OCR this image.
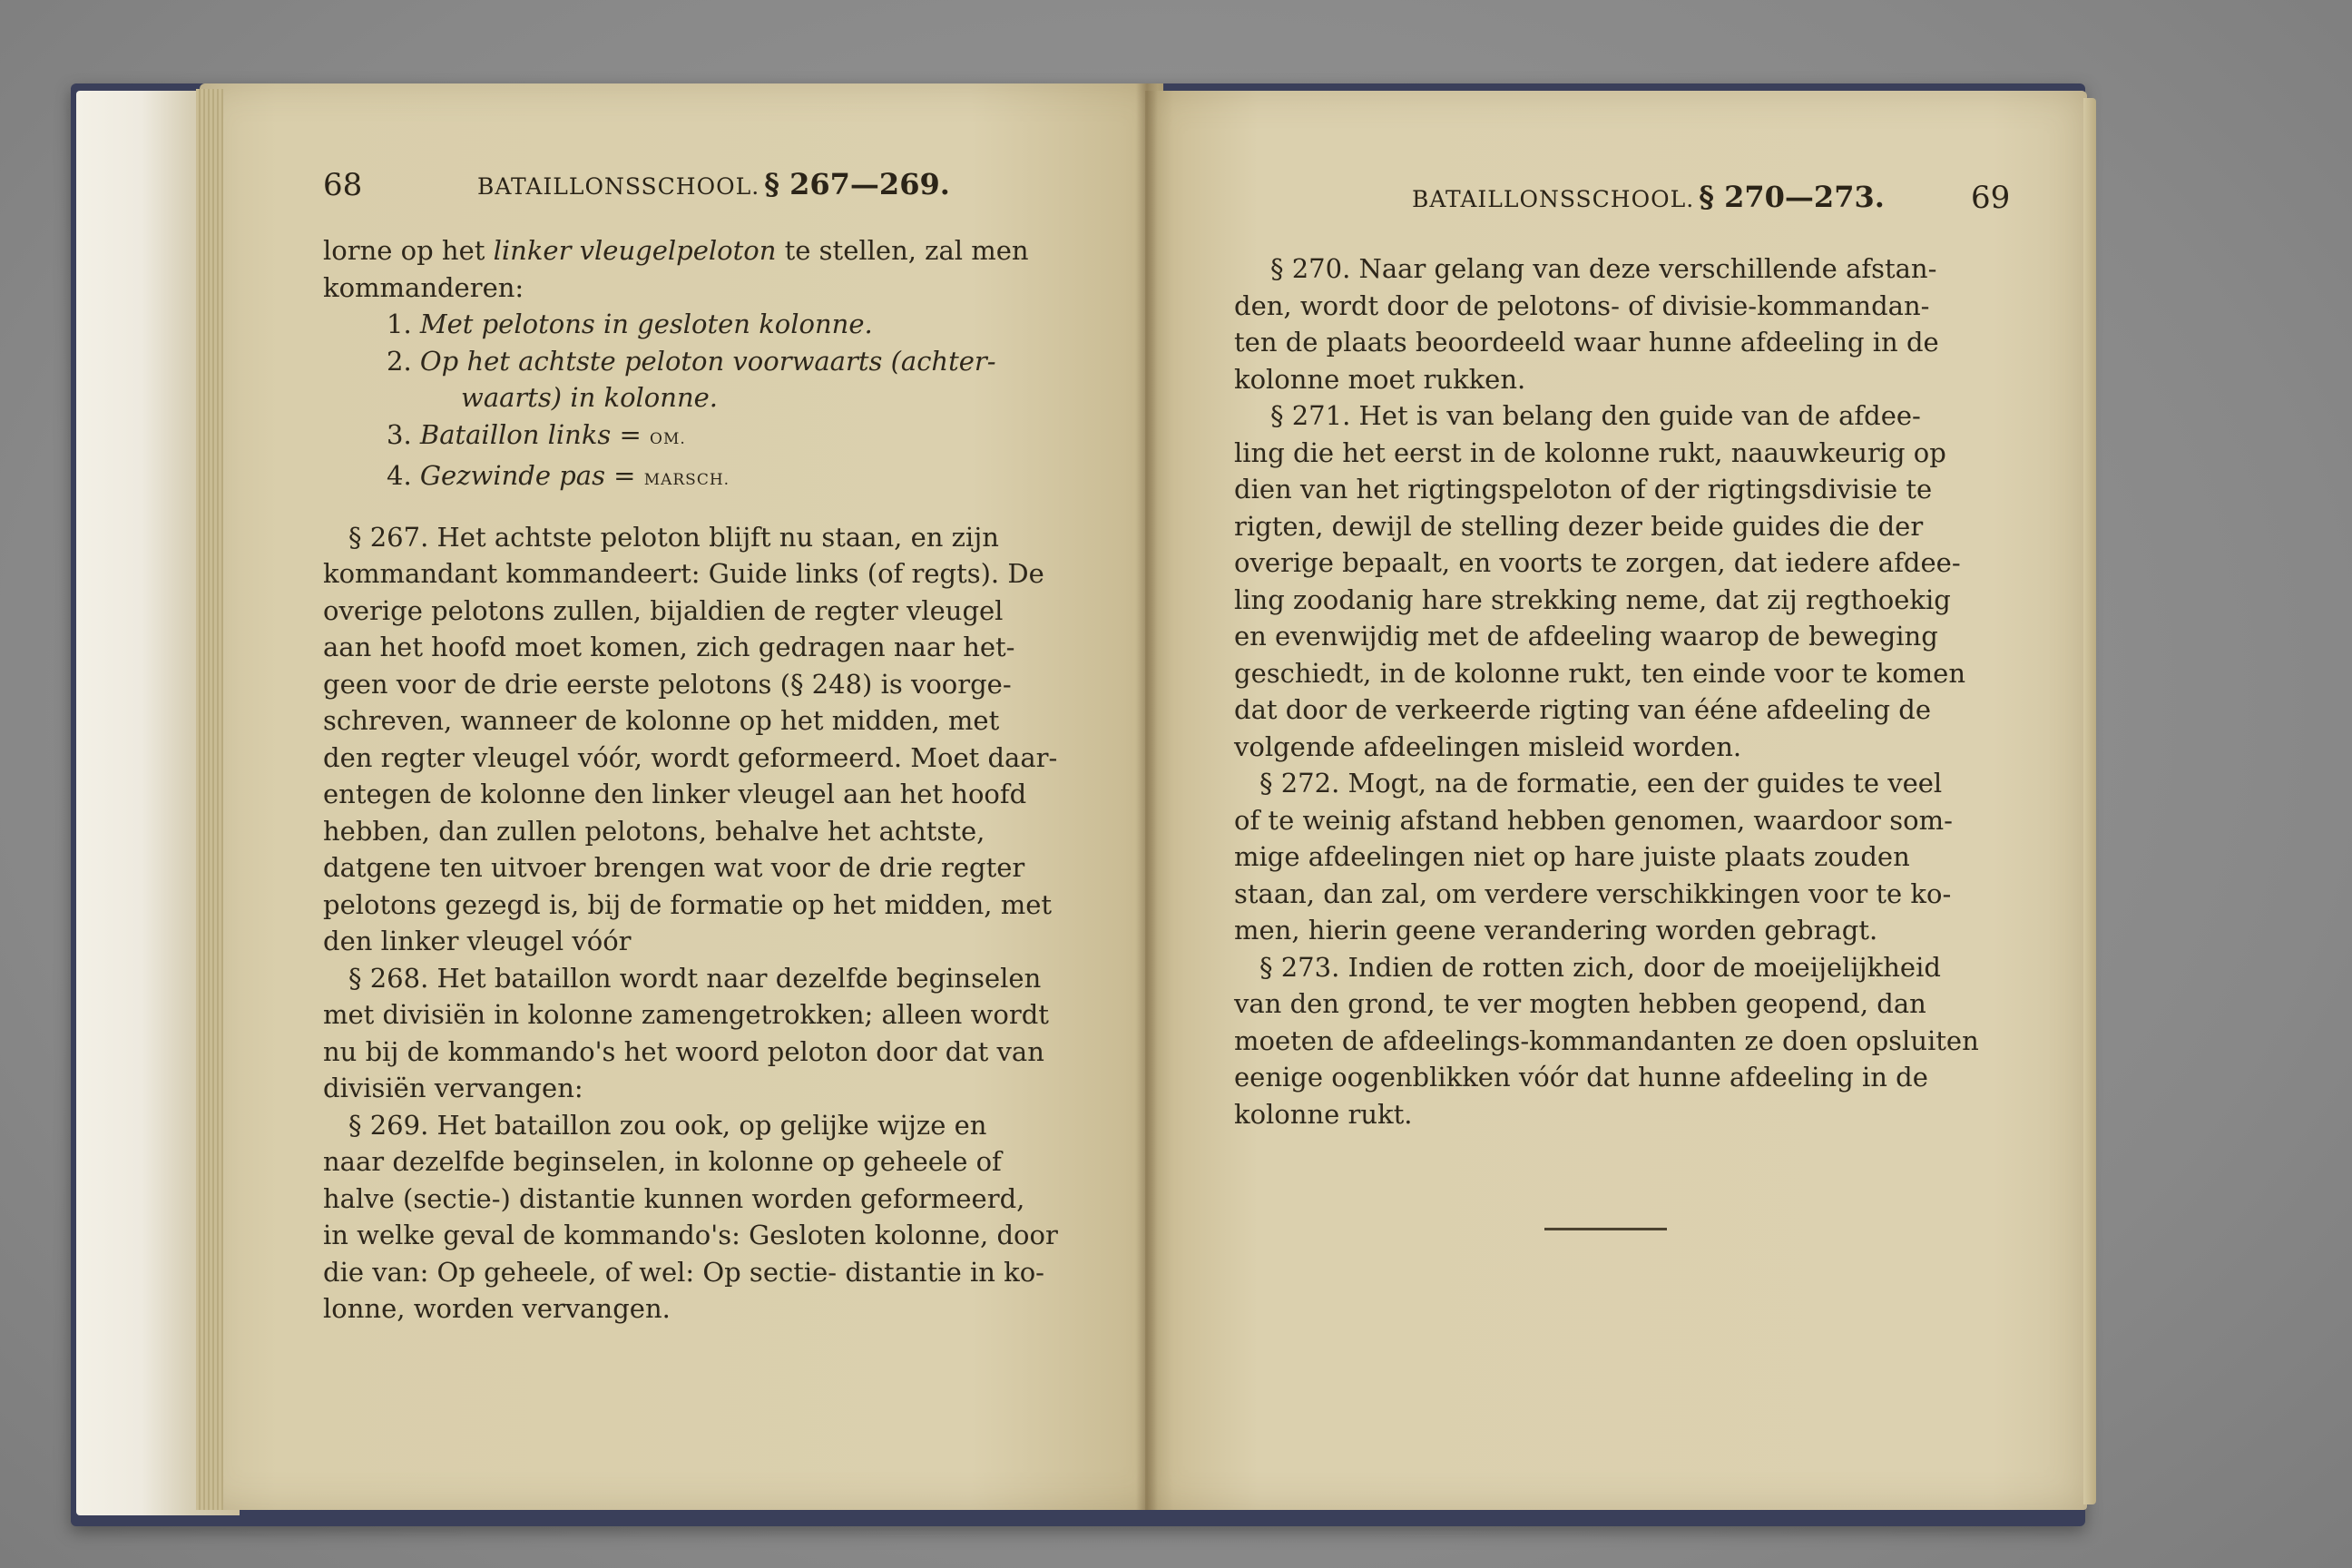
68	BATAILLONSSCHOOL. § 267—269.
lorne op het linker vleugelpeloton te stellen, zal men
kommanderen:
1. Met pelotons in gesloten kolonne.
2. Op het achtste peloton voorwaarts (achter-
waarts) in kolonne.
3. Bataillon links = OM.
4. Gezwinde pas = MARSCH.
§ 267. Het achtste peloton blijft nu staan, en zijn
kommandant kommandeert: Guide links (of regts). De
overige pelotons zullen, bijaldien de regter vleugel
aan het hoofd moet komen, zich gedragen naar het-
geen voor de drie eerste pelotons (§ 248) is voorge-
schreven, wanneer de kolonne op het midden, met
den regter vleugel vóór, wordt geformeerd. Moet daar-
entegen de kolonne den linker vleugel aan het hoofd
hebben, dan zullen pelotons, behalve het achtste,
datgene ten uitvoer brengen wat voor de drie regter
pelotons gezegd is, bij de formatie op het midden, met
den linker vleugel vóór
§ 268. Het bataillon wordt naar dezelfde beginselen
met divisiën in kolonne zamengetrokken; alleen wordt
nu bij de kommando's het woord peloton door dat van
divisiën vervangen:
§ 269. Het bataillon zou ook, op gelijke wijze en
naar dezelfde beginselen, in kolonne op geheele of
halve (sectie-) distantie kunnen worden geformeerd,
in welke geval de kommando's: Gesloten kolonne, door
die van: Op geheele, of wel: Op sectie- distantie in ko-
lonne, worden vervangen.
BATAILLONSSCHOOL. § 270—273.	69
§ 270. Naar gelang van deze verschillende afstan-
den, wordt door de pelotons- of divisie-kommandan-
ten de plaats beoordeeld waar hunne afdeeling in de
kolonne moet rukken.
§ 271. Het is van belang den guide van de afdee-
ling die het eerst in de kolonne rukt, naauwkeurig op
dien van het rigtingspeloton of der rigtingsdivisie te
rigten, dewijl de stelling dezer beide guides die der
overige bepaalt, en voorts te zorgen, dat iedere afdee-
ling zoodanig hare strekking neme, dat zij regthoekig
en evenwijdig met de afdeeling waarop de beweging
geschiedt, in de kolonne rukt, ten einde voor te komen
dat door de verkeerde rigting van ééne afdeeling de
volgende afdeelingen misleid worden.
§ 272. Mogt, na de formatie, een der guides te veel
of te weinig afstand hebben genomen, waardoor som-
mige afdeelingen niet op hare juiste plaats zouden
staan, dan zal, om verdere verschikkingen voor te ko-
men, hierin geene verandering worden gebragt.
§ 273. Indien de rotten zich, door de moeijelijkheid
van den grond, te ver mogten hebben geopend, dan
moeten de afdeelings-kommandanten ze doen opsluiten
eenige oogenblikken vóór dat hunne afdeeling in de
kolonne rukt.
